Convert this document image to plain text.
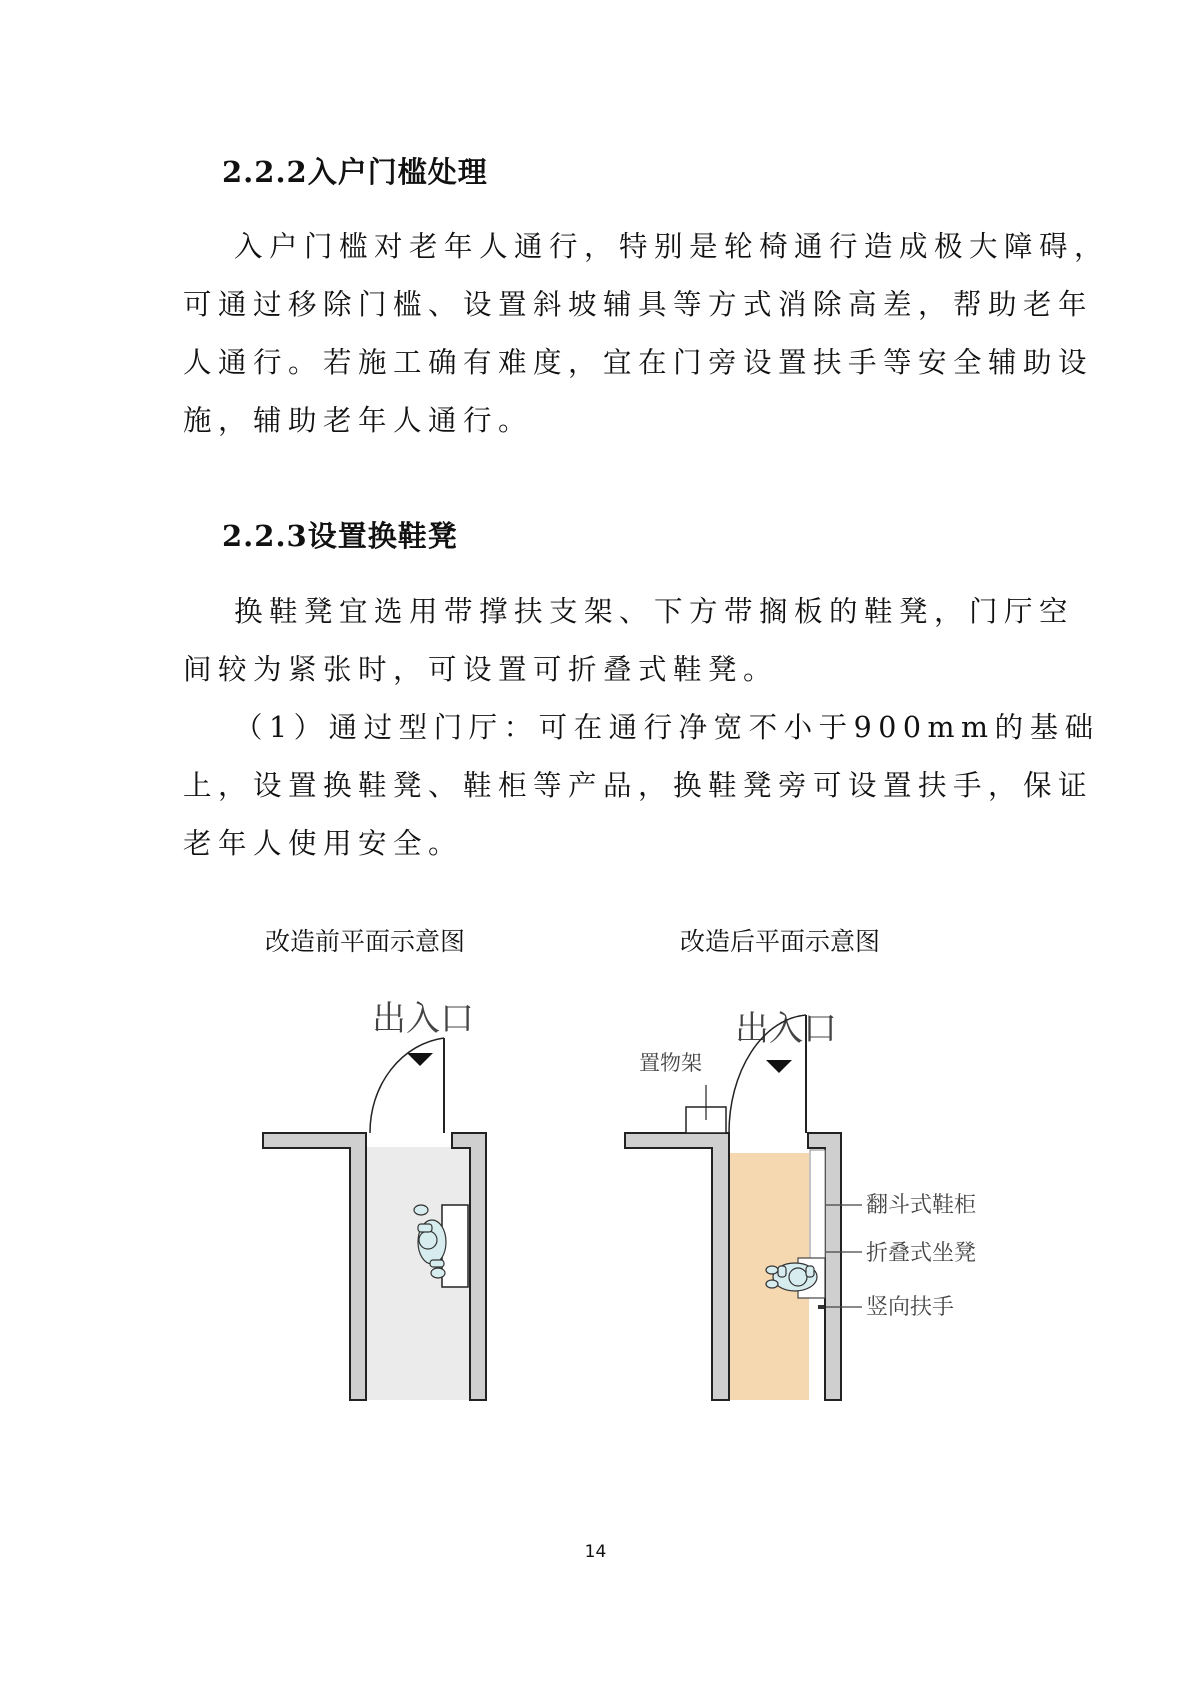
2.2.2入户门槛处理

入户门槛对老年人通行，特别是轮椅通行造成极大障碍，

可通过移除门槛、设置斜坡辅具等方式消除高差，帮助老年

人通行。若施工确有难度，宜在门旁设置扶手等安全辅助设

施，辅助老年人通行。

2.2.3设置换鞋凳

换鞋凳宜选用带撑扶支架、下方带搁板的鞋凳，门厅空

间较为紧张时，可设置可折叠式鞋凳。

（1）通过型门厅：可在通行净宽不小于900mm的基础

上，设置换鞋凳、鞋柜等产品，换鞋凳旁可设置扶手，保证

老年人使用安全。

改造前平面示意图	改造后平面示意图
出入口	出入口
置物架
翻斗式鞋柜
折叠式坐凳
竖向扶手
14
